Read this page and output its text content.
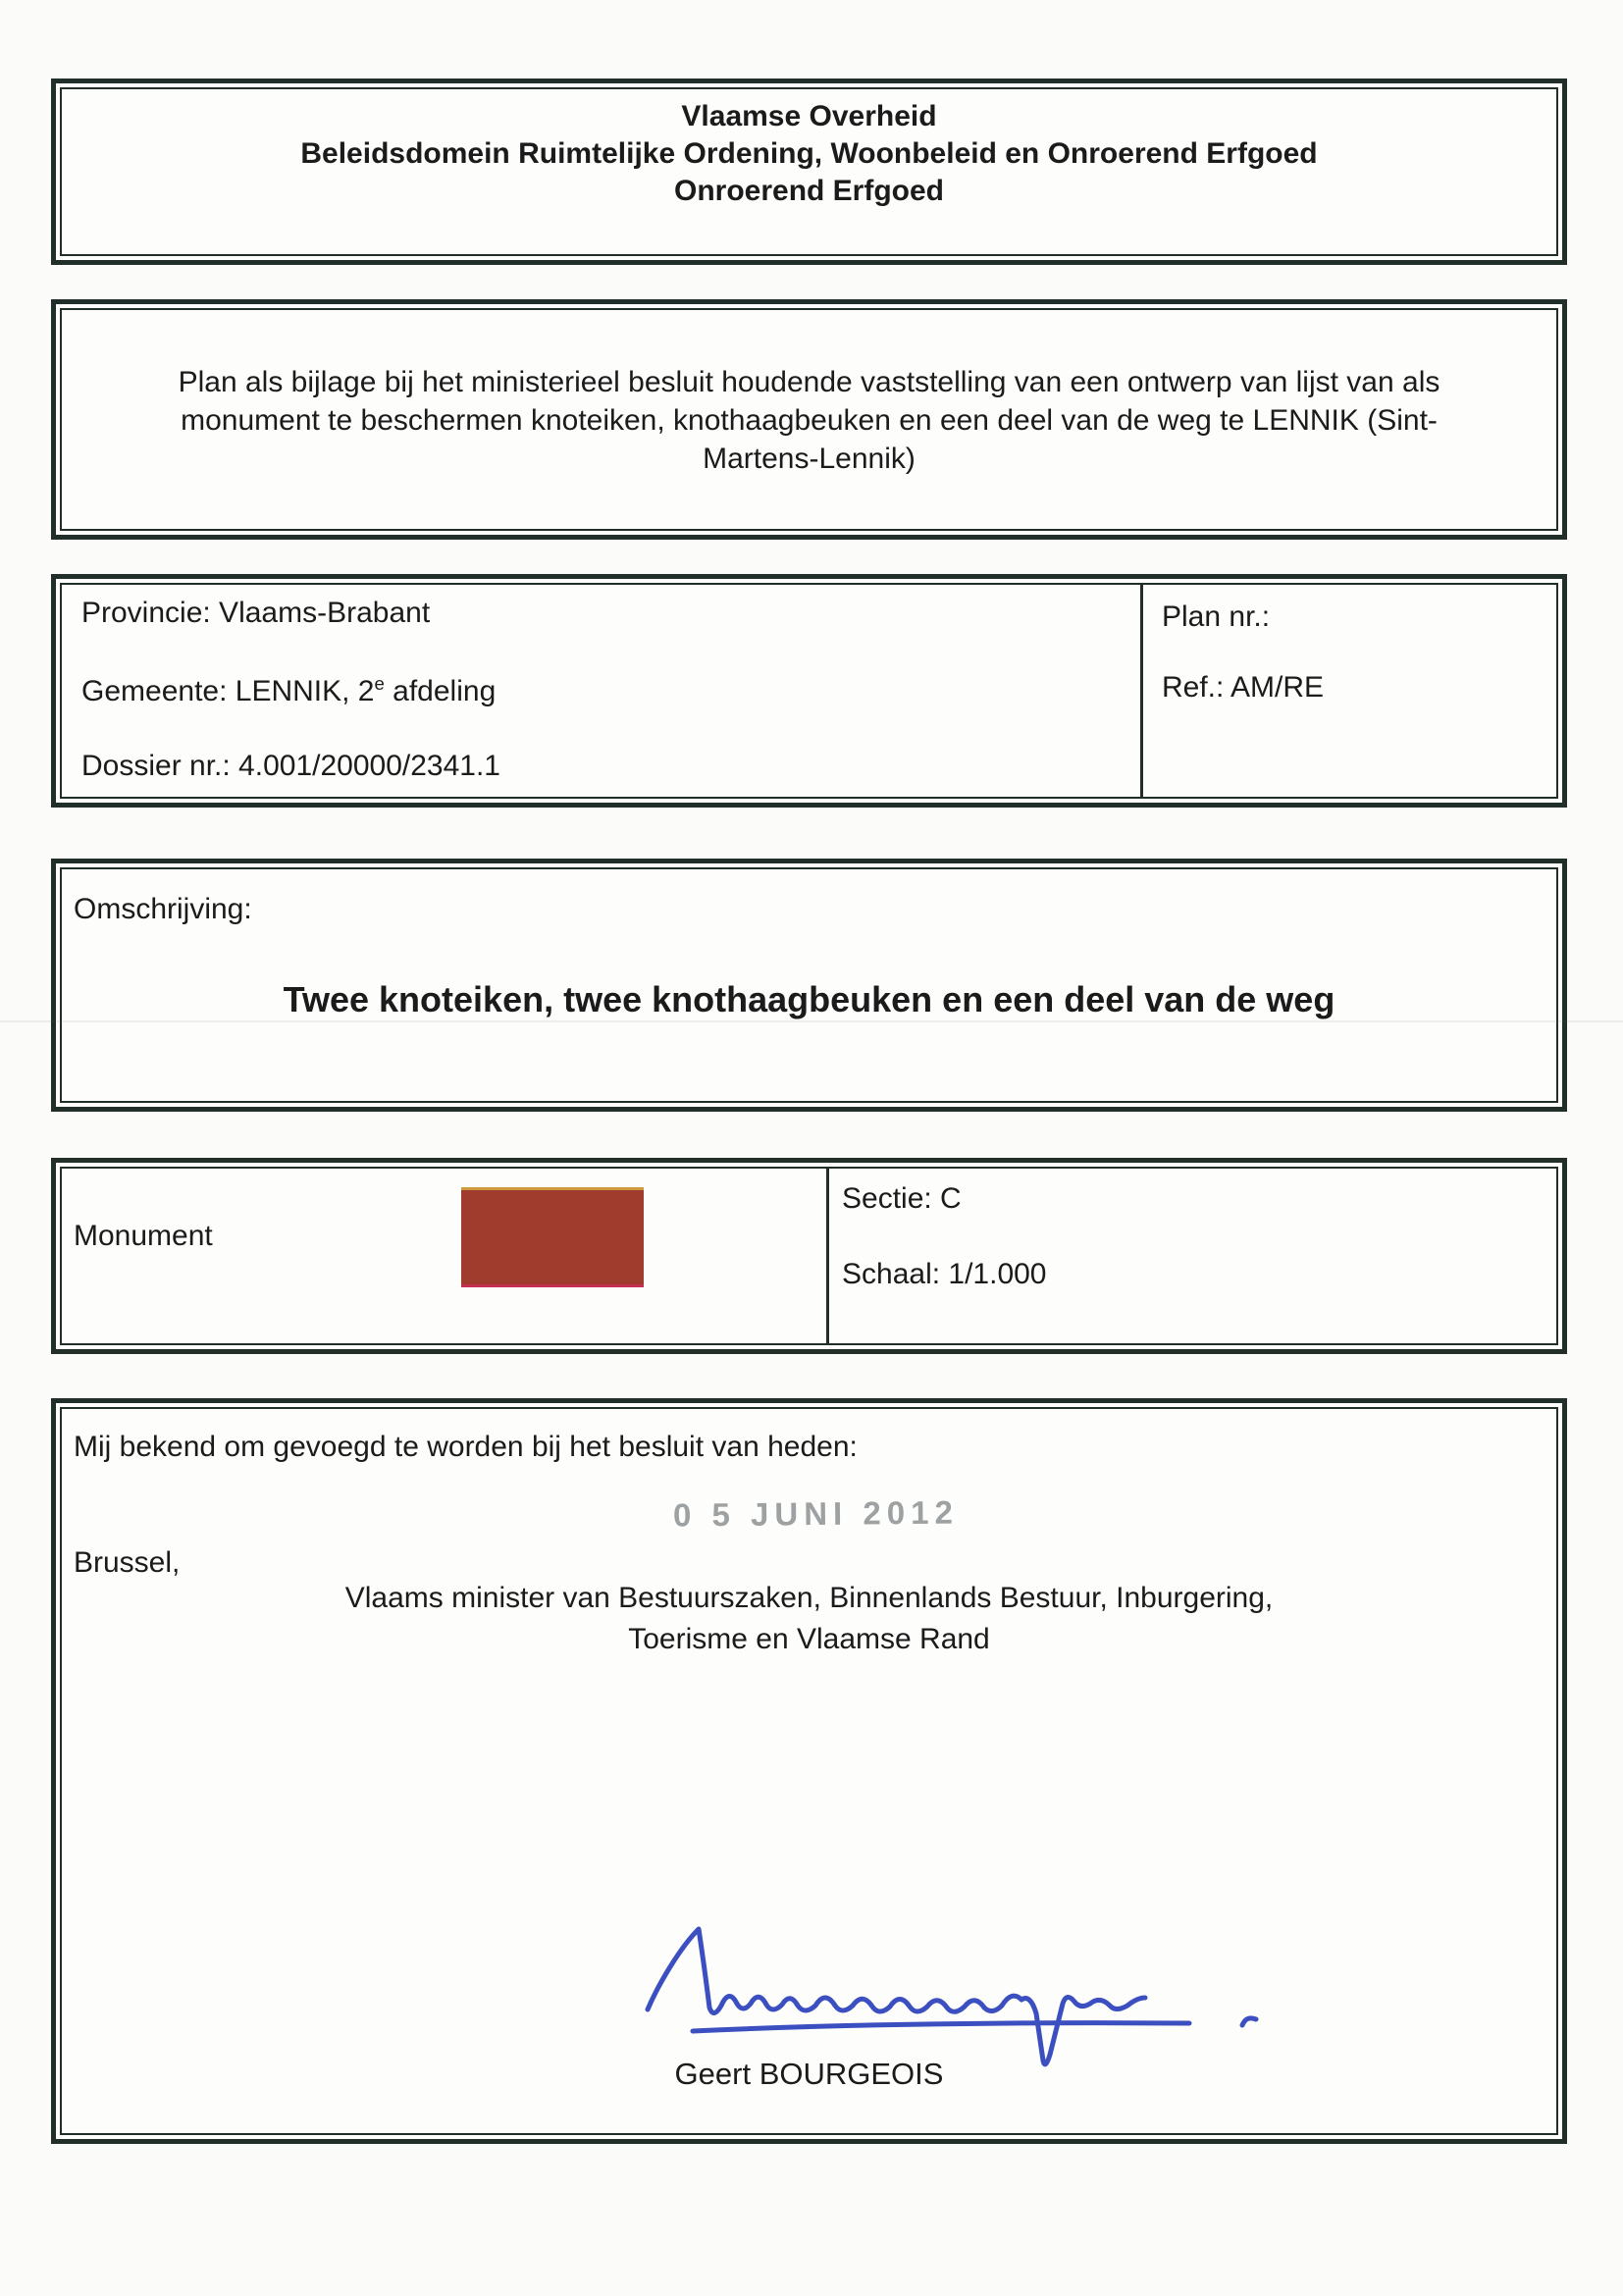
Vlaamse Overheid
Beleidsdomein Ruimtelijke Ordening, Woonbeleid en Onroerend Erfgoed
Onroerend Erfgoed
Plan als bijlage bij het ministerieel besluit houdende vaststelling van een ontwerp van lijst van als
monument te beschermen knoteiken, knothaagbeuken en een deel van de weg te LENNIK (Sint-
Martens-Lennik)
Provincie: Vlaams-Brabant
Gemeente: LENNIK, 2e afdeling
Dossier nr.: 4.001/20000/2341.1
Plan nr.:
Ref.: AM/RE
Omschrijving:
Twee knoteiken, twee knothaagbeuken en een deel van de weg
Monument
Sectie: C
Schaal: 1/1.000
Mij bekend om gevoegd te worden bij het besluit van heden:
0 5 JUNI 2012
Brussel,
Vlaams minister van Bestuurszaken, Binnenlands Bestuur, Inburgering,
Toerisme en Vlaamse Rand
Geert BOURGEOIS
